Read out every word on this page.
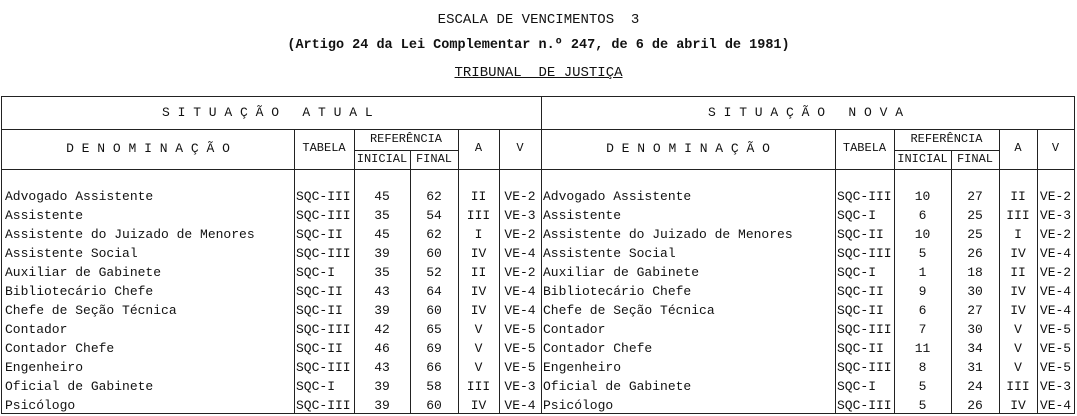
ESCALA DE VENCIMENTOS  3
(Artigo 24 da Lei Complementar n.º 247, de 6 de abril de 1981)
TRIBUNAL  DE JUSTIÇA
S I T U A Ç Ã O   A T U A L	S I T U A Ç Ã O   N O V A
D E N O M I N A Ç Ã O	TABELA
REFERÊNCIA
INICIAL FINAL
A	V	D E N O M I N A Ç Ã O	TABELA
REFERÊNCIA
INICIAL FINAL
A	V
Advogado Assistente	SQC-III	45	62	II	VE-2 Advogado Assistente	SQC-III	10	27	II	VE-2
Assistente	SQC-III	35	54	III	VE-3 Assistente	SQC-I	6	25	III VE-3
Assistente do Juizado de Menores	SQC-II	45	62	I	VE-2 Assistente do Juizado de Menores	SQC-II	10	25	I	VE-2
Assistente Social	SQC-III	39	60	IV	VE-4 Assistente Social	SQC-III	5	26	IV	VE-4
Auxiliar de Gabinete	SQC-I	35	52	II	VE-2 Auxiliar de Gabinete	SQC-I	1	18	II	VE-2
Bibliotecário Chefe	SQC-II	43	64	IV	VE-4 Bibliotecário Chefe	SQC-II	9	30	IV	VE-4
Chefe de Seção Técnica	SQC-II	39	60	IV	VE-4 Chefe de Seção Técnica	SQC-II	6	27	IV	VE-4
Contador	SQC-III	42	65	V	VE-5 Contador	SQC-III	7	30	V	VE-5
Contador Chefe	SQC-II	46	69	V	VE-5 Contador Chefe	SQC-II	11	34	V	VE-5
Engenheiro	SQC-III	43	66	V	VE-5 Engenheiro	SQC-III	8	31	V	VE-5
Oficial de Gabinete	SQC-I	39	58	III	VE-3 Oficial de Gabinete	SQC-I	5	24	III VE-3
Psicólogo	SQC-III	39	60	IV	VE-4 Psicólogo	SQC-III	5	26	IV	VE-4
